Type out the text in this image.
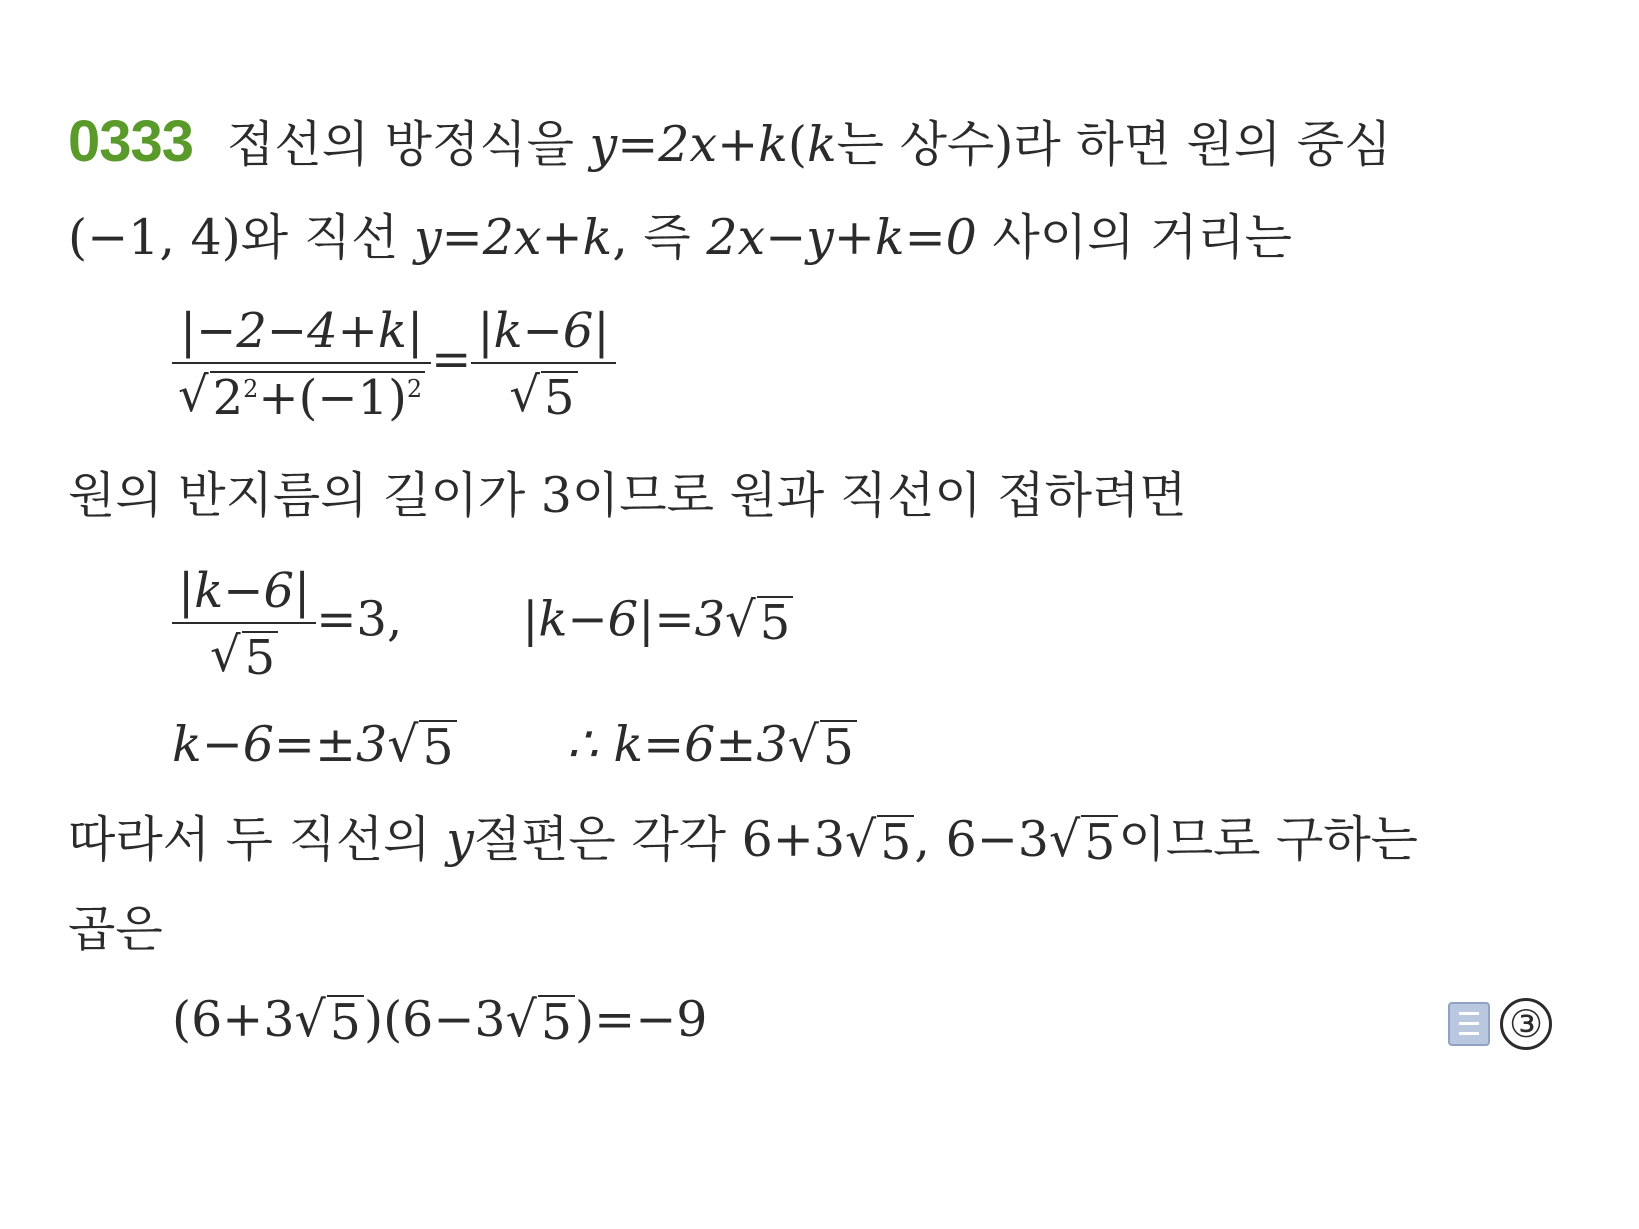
0333 접선의 방정식을 y=2x+k(k는 상수)라 하면 원의 중심
(−1, 4)와 직선 y=2x+k, 즉 2x−y+k=0 사이의 거리는
$\frac{|-2-4+k|}{√ 2^2+(-1)^2} = \frac{|k-6|}{√ 5}$
원의 반지름의 길이가 3이므로 원과 직선이 접하려면
$\frac{|k-6|}{√ 5} =3$,	|k−6|=3 √ 5
k−6=±3 √ 5 ∴ k=6±3 √ 5
따라서 두 직선의 y절편은 각각 6+3 √ 5 , 6−3 √ 5 이므로 구하는
곱은
(6+3 √ 5 )(6−3 √ 5 )=−9	③
